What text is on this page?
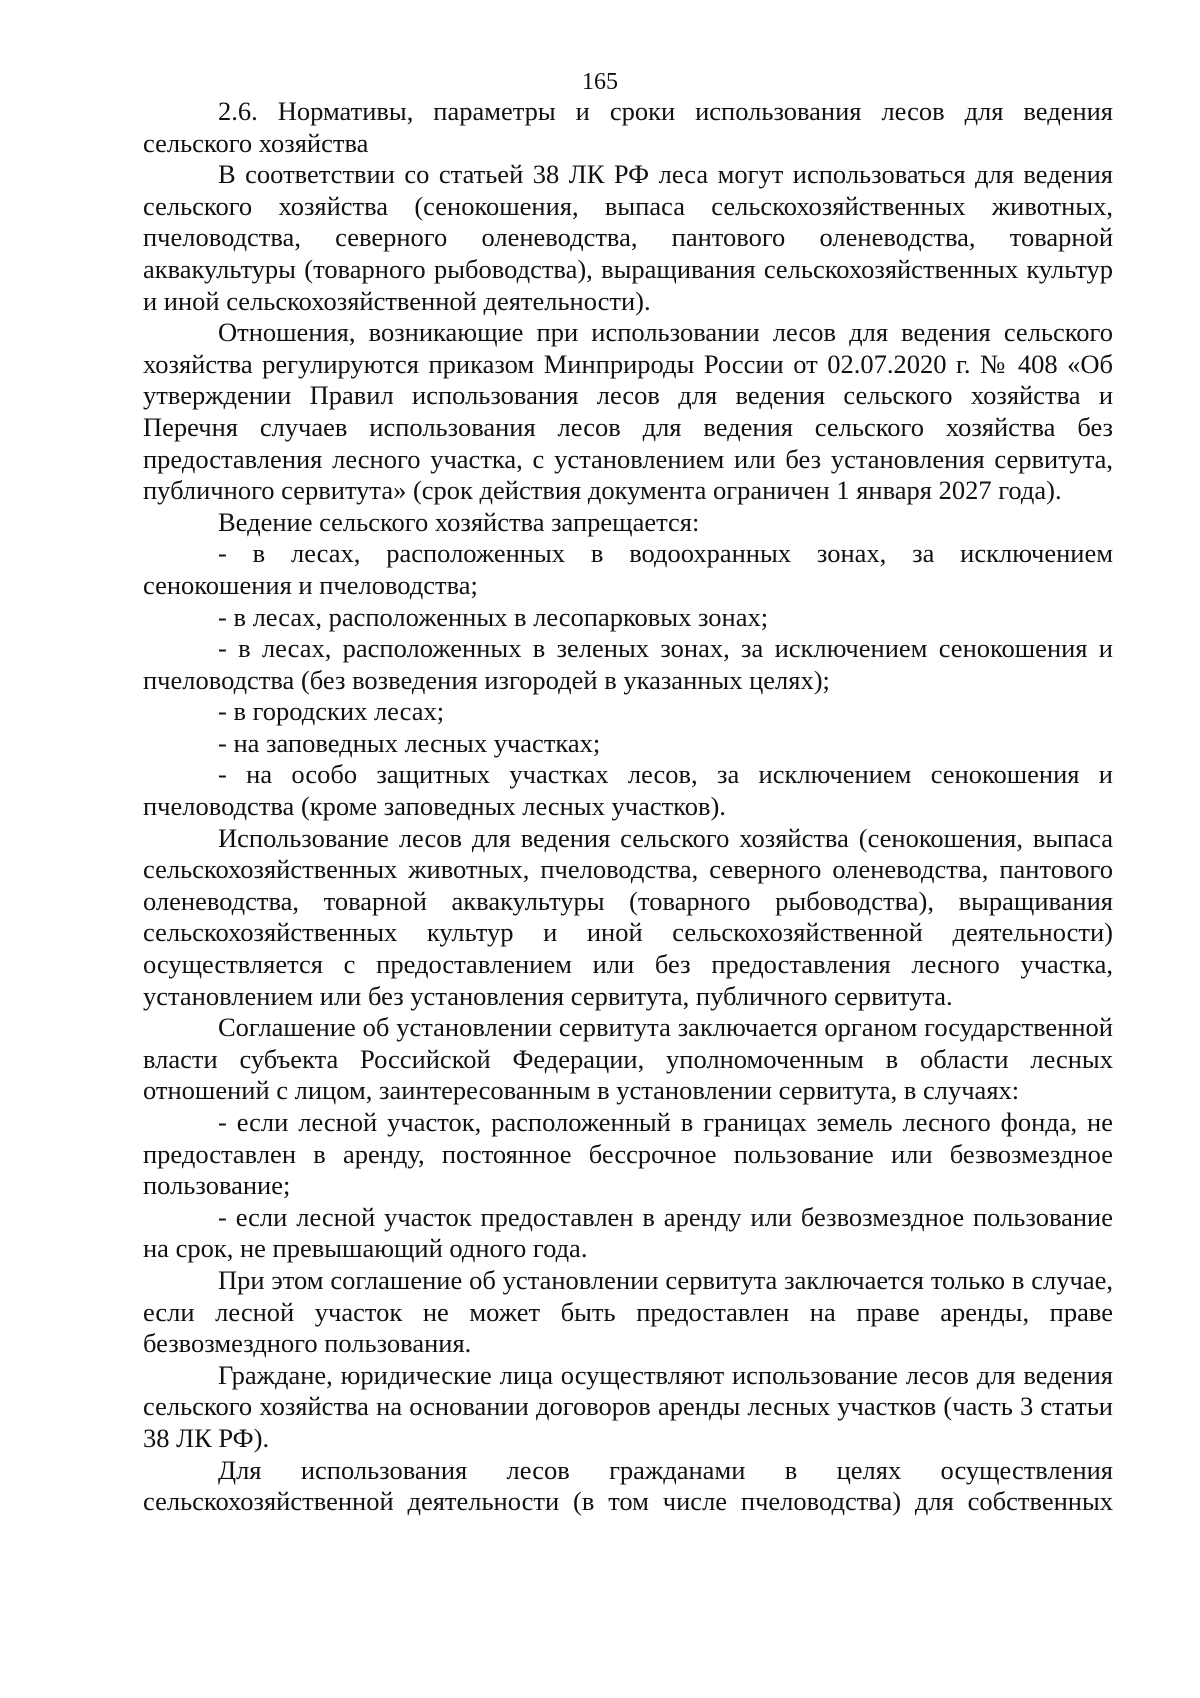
165

2.6. Нормативы, параметры и сроки использования лесов для ведения сельского хозяйства

В соответствии со статьей 38 ЛК РФ леса могут использоваться для ведения сельского хозяйства (сенокошения, выпаса сельскохозяйственных животных, пчеловодства, северного оленеводства, пантового оленеводства, товарной аквакультуры (товарного рыбоводства), выращивания сельскохозяйственных культур и иной сельскохозяйственной деятельности).

Отношения, возникающие при использовании лесов для ведения сельского хозяйства регулируются приказом Минприроды России от 02.07.2020 г. № 408 «Об утверждении Правил использования лесов для ведения сельского хозяйства и Перечня случаев использования лесов для ведения сельского хозяйства без предоставления лесного участка, с установлением или без установления сервитута, публичного сервитута» (срок действия документа ограничен 1 января 2027 года).

Ведение сельского хозяйства запрещается:

- в лесах, расположенных в водоохранных зонах, за исключением сенокошения и пчеловодства;

- в лесах, расположенных в лесопарковых зонах;

- в лесах, расположенных в зеленых зонах, за исключением сенокошения и пчеловодства (без возведения изгородей в указанных целях);

- в городских лесах;

- на заповедных лесных участках;

- на особо защитных участках лесов, за исключением сенокошения и пчеловодства (кроме заповедных лесных участков).

Использование лесов для ведения сельского хозяйства (сенокошения, выпаса сельскохозяйственных животных, пчеловодства, северного оленеводства, пантового оленеводства, товарной аквакультуры (товарного рыбоводства), выращивания сельскохозяйственных культур и иной сельскохозяйственной деятельности) осуществляется с предоставлением или без предоставления лесного участка, установлением или без установления сервитута, публичного сервитута.

Соглашение об установлении сервитута заключается органом государственной власти субъекта Российской Федерации, уполномоченным в области лесных отношений с лицом, заинтересованным в установлении сервитута, в случаях:

- если лесной участок, расположенный в границах земель лесного фонда, не предоставлен в аренду, постоянное бессрочное пользование или безвозмездное пользование;

- если лесной участок предоставлен в аренду или безвозмездное пользование на срок, не превышающий одного года.

При этом соглашение об установлении сервитута заключается только в случае, если лесной участок не может быть предоставлен на праве аренды, праве безвозмездного пользования.

Граждане, юридические лица осуществляют использование лесов для ведения сельского хозяйства на основании договоров аренды лесных участков (часть 3 статьи 38 ЛК РФ).

Для использования лесов гражданами в целях осуществления сельскохозяйственной деятельности (в том числе пчеловодства) для собственных
